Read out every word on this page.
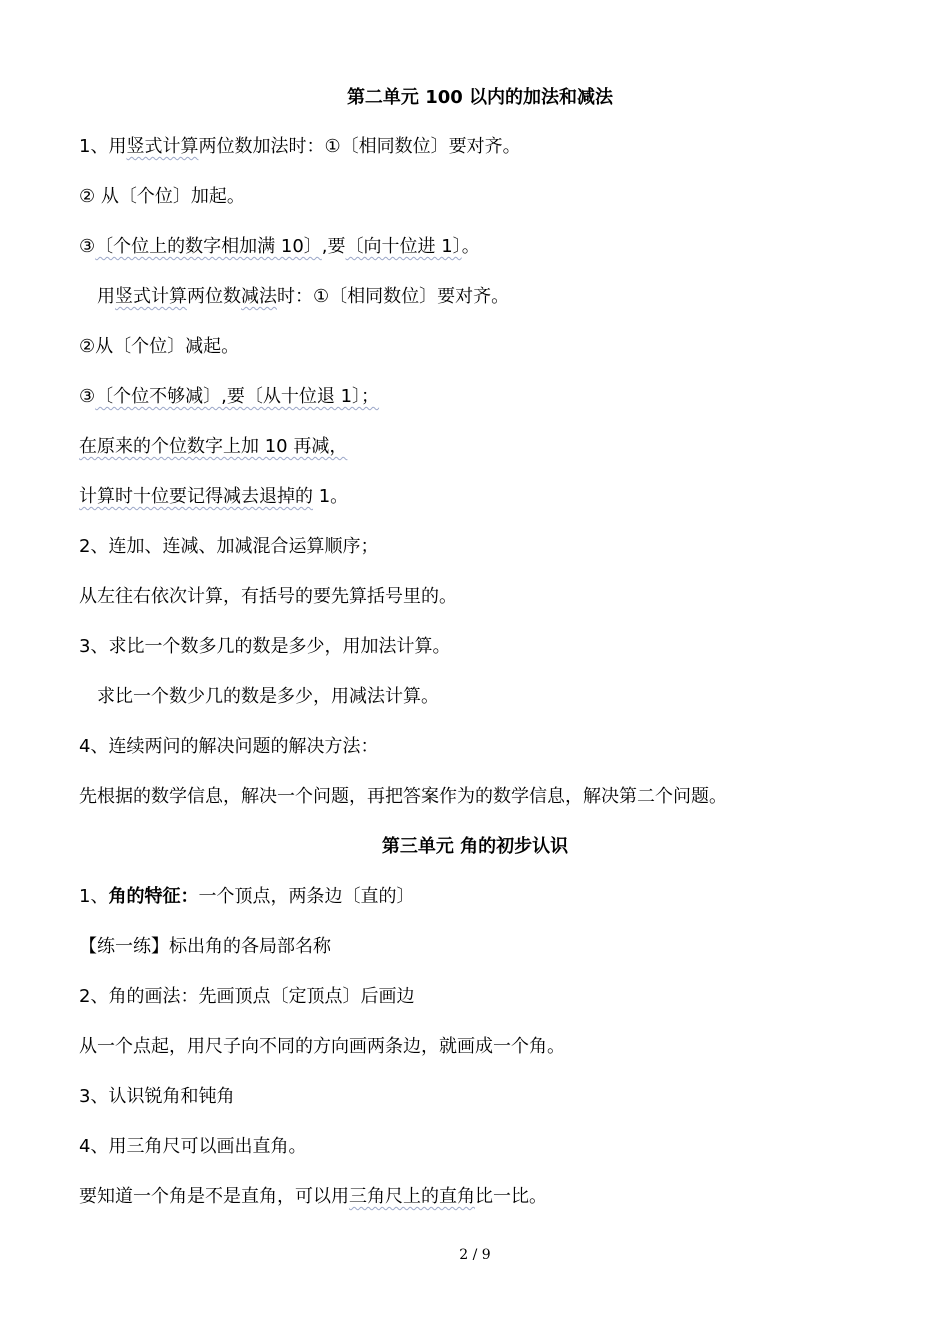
第二单元 100 以内的加法和减法
1、用竖式计算两位数加法时：①〔相同数位〕要对齐。
② 从〔个位〕加起。
③〔个位上的数字相加满 10〕,要〔向十位进 1〕。
用竖式计算两位数减法时：①〔相同数位〕要对齐。
②从〔个位〕减起。
③〔个位不够减〕,要〔从十位退 1〕；
在原来的个位数字上加 10 再减，
计算时十位要记得减去退掉的 1。
2、连加、连减、加减混合运算顺序；
从左往右依次计算，有括号的要先算括号里的。
3、求比一个数多几的数是多少，用加法计算。
求比一个数少几的数是多少，用减法计算。
4、连续两问的解决问题的解决方法：
先根据的数学信息，解决一个问题，再把答案作为的数学信息，解决第二个问题。
第三单元 角的初步认识
1、角的特征：一个顶点，两条边〔直的〕
【练一练】标出角的各局部名称
2、角的画法：先画顶点〔定顶点〕后画边
从一个点起，用尺子向不同的方向画两条边，就画成一个角。
3、认识锐角和钝角
4、用三角尺可以画出直角。
要知道一个角是不是直角，可以用三角尺上的直角比一比。
2 / 9
